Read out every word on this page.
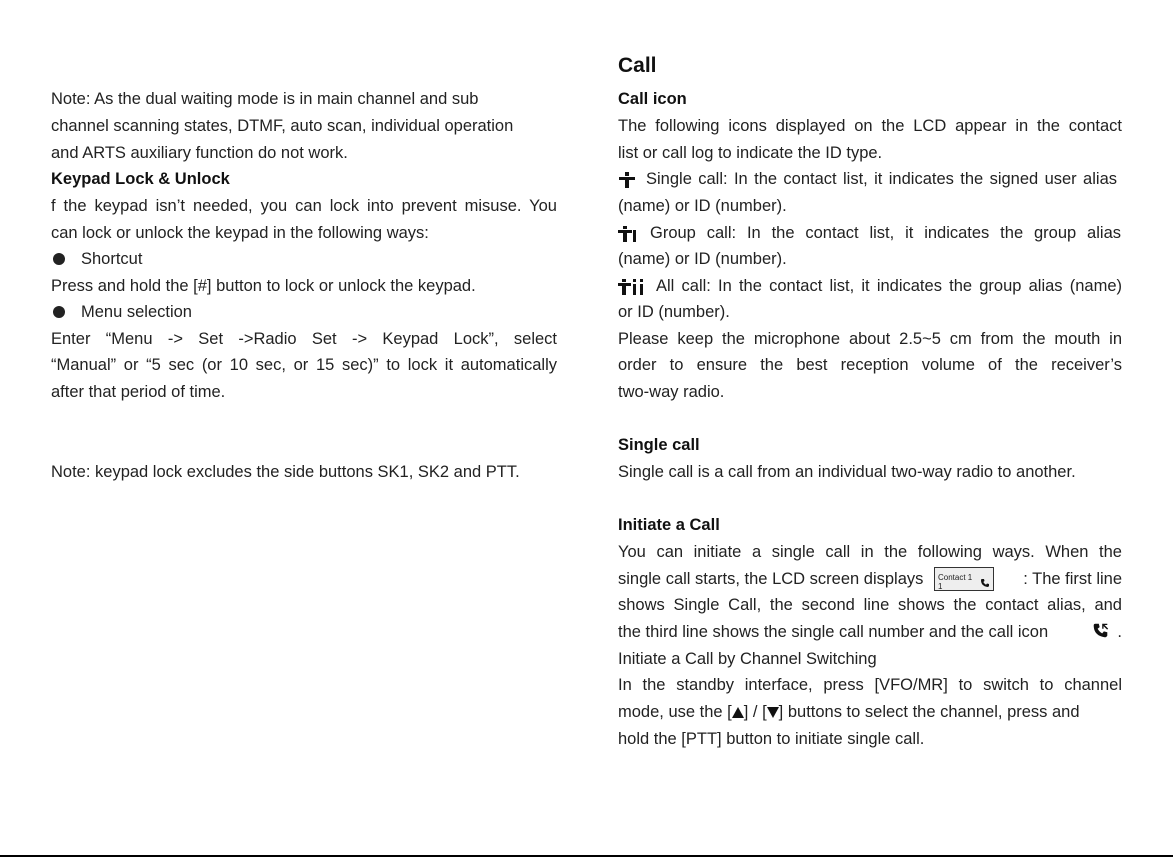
Note: As the dual waiting mode is in main channel and sub
channel scanning states, DTMF, auto scan, individual operation
and ARTS auxiliary function do not work.
Keypad Lock & Unlock
f the keypad isn’t needed, you can lock into prevent misuse. You
can lock or unlock the keypad in the following ways:
Shortcut
Press and hold the [#] button to lock or unlock the keypad.
Menu selection
Enter “Menu -> Set ->Radio Set -> Keypad Lock”, select
“Manual” or “5 sec (or 10 sec, or 15 sec)” to lock it automatically
after that period of time.
Note: keypad lock excludes the side buttons SK1, SK2 and PTT.
Call
Call icon
The following icons displayed on the LCD appear in the contact
list or call log to indicate the ID type.
Single call: In the contact list, it indicates the signed user alias
(name) or ID (number).
Group call: In the contact list, it indicates the group alias
(name) or ID (number).
All call: In the contact list, it indicates the group alias (name)
or ID (number).
Please keep the microphone about 2.5~5 cm from the mouth in
order to ensure the best reception volume of the receiver’s
two-way radio.
Single call
Single call is a call from an individual two-way radio to another.
Initiate a Call
You can initiate a single call in the following ways. When the
single call starts, the LCD screen displays Contact 1
1	: The first line
shows Single Call, the second line shows the contact alias, and
the third line shows the single call number and the call icon	.
Initiate a Call by Channel Switching
In the standby interface, press [VFO/MR] to switch to channel
mode, use the [ ] / [ ] buttons to select the channel, press and
hold the [PTT] button to initiate single call.
